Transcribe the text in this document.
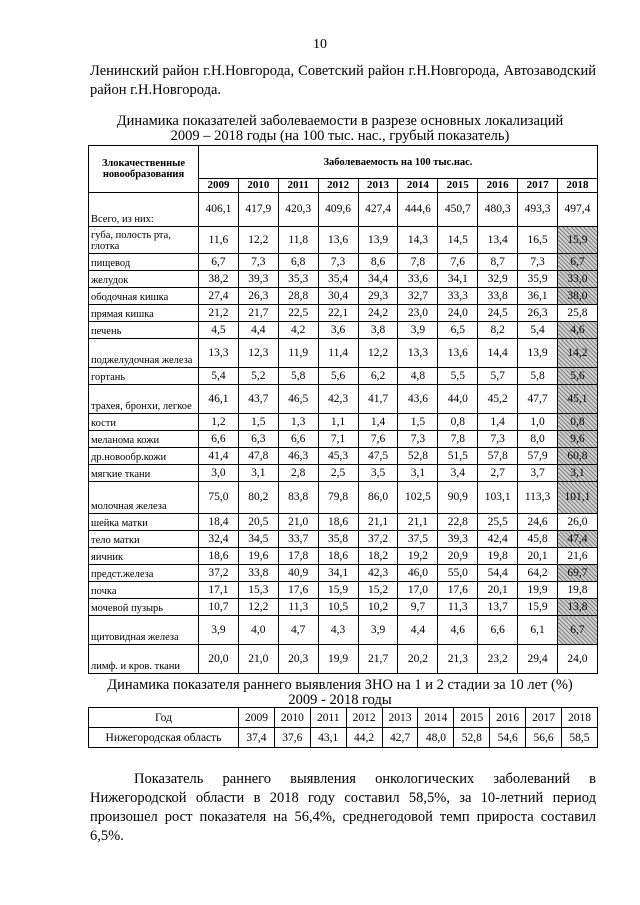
10
Ленинский район г.Н.Новгорода, Советский район г.Н.Новгорода, Автозаводский район г.Н.Новгорода.
Динамика показателей заболеваемости в разрезе основных локализаций
2009 – 2018 годы (на 100 тыс. нас., грубый показатель)
Злокачественные новообразования	Заболеваемость на 100 тыс.нас.									
	2009	2010	2011	2012	2013	2014	2015	2016	2017	2018
Всего, из них:	406,1	417,9	420,3	409,6	427,4	444,6	450,7	480,3	493,3	497,4
губа, полость рта, глотка	11,6	12,2	11,8	13,6	13,9	14,3	14,5	13,4	16,5	15,9
пищевод	6,7	7,3	6,8	7,3	8,6	7,8	7,6	8,7	7,3	6,7
желудок	38,2	39,3	35,3	35,4	34,4	33,6	34,1	32,9	35,9	33,0
ободочная кишка	27,4	26,3	28,8	30,4	29,3	32,7	33,3	33,8	36,1	38,0
прямая кишка	21,2	21,7	22,5	22,1	24,2	23,0	24,0	24,5	26,3	25,8
печень	4,5	4,4	4,2	3,6	3,8	3,9	6,5	8,2	5,4	4,6
поджелудочная железа	13,3	12,3	11,9	11,4	12,2	13,3	13,6	14,4	13,9	14,2
гортань	5,4	5,2	5,8	5,6	6,2	4,8	5,5	5,7	5,8	5,6
трахея, бронхи, легкое	46,1	43,7	46,5	42,3	41,7	43,6	44,0	45,2	47,7	45,1
кости	1,2	1,5	1,3	1,1	1,4	1,5	0,8	1,4	1,0	0,8
меланома кожи	6,6	6,3	6,6	7,1	7,6	7,3	7,8	7,3	8,0	9,6
др.новообр.кожи	41,4	47,8	46,3	45,3	47,5	52,8	51,5	57,8	57,9	60,8
мягкие ткани	3,0	3,1	2,8	2,5	3,5	3,1	3,4	2,7	3,7	3,1
молочная железа	75,0	80,2	83,8	79,8	86,0	102,5	90,9	103,1	113,3	101,1
шейка матки	18,4	20,5	21,0	18,6	21,1	21,1	22,8	25,5	24,6	26,0
тело матки	32,4	34,5	33,7	35,8	37,2	37,5	39,3	42,4	45,8	47,4
яичник	18,6	19,6	17,8	18,6	18,2	19,2	20,9	19,8	20,1	21,6
предст.железа	37,2	33,8	40,9	34,1	42,3	46,0	55,0	54,4	64,2	69,7
почка	17,1	15,3	17,6	15,9	15,2	17,0	17,6	20,1	19,9	19,8
мочевой пузырь	10,7	12,2	11,3	10,5	10,2	9,7	11,3	13,7	15,9	13,8
щитовидная железа	3,9	4,0	4,7	4,3	3,9	4,4	4,6	6,6	6,1	6,7
лимф. и кров. ткани	20,0	21,0	20,3	19,9	21,7	20,2	21,3	23,2	29,4	24,0
Динамика показателя раннего выявления ЗНО на 1 и 2 стадии за 10 лет (%)
2009 - 2018 годы
Год	2009	2010	2011	2012	2013	2014	2015	2016	2017	2018
Нижегородская область	37,4	37,6	43,1	44,2	42,7	48,0	52,8	54,6	56,6	58,5
Показатель раннего выявления онкологических заболеваний в Нижегородской области в 2018 году составил 58,5%, за 10-летний период произошел рост показателя на 56,4%, среднегодовой темп прироста составил 6,5%.
